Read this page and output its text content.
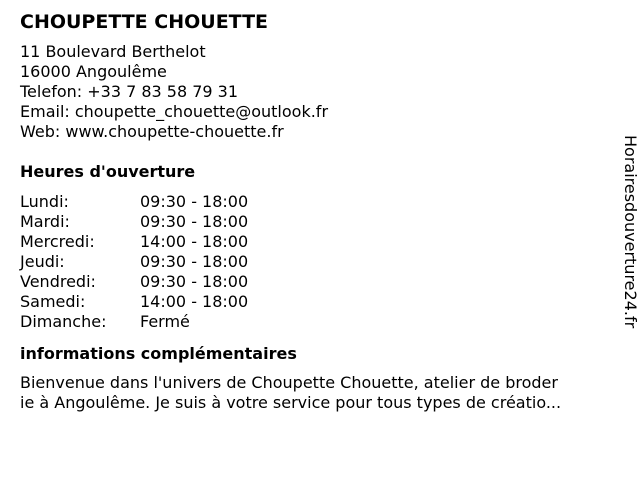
CHOUPETTE CHOUETTE
11 Boulevard Berthelot
16000 Angoulême
Telefon: +33 7 83 58 79 31
Email: choupette_chouette@outlook.fr
Web: www.choupette-chouette.fr
Heures d'ouverture
Lundi:	09:30 - 18:00
Mardi:	09:30 - 18:00
Mercredi:	14:00 - 18:00
Jeudi:	09:30 - 18:00
Vendredi:	09:30 - 18:00
Samedi:	14:00 - 18:00
Dimanche:	Fermé
informations complémentaires
Bienvenue dans l'univers de Choupette Chouette, atelier de broder
ie à Angoulême. Je suis à votre service pour tous types de créatio...
Horairesdouverture24.fr
